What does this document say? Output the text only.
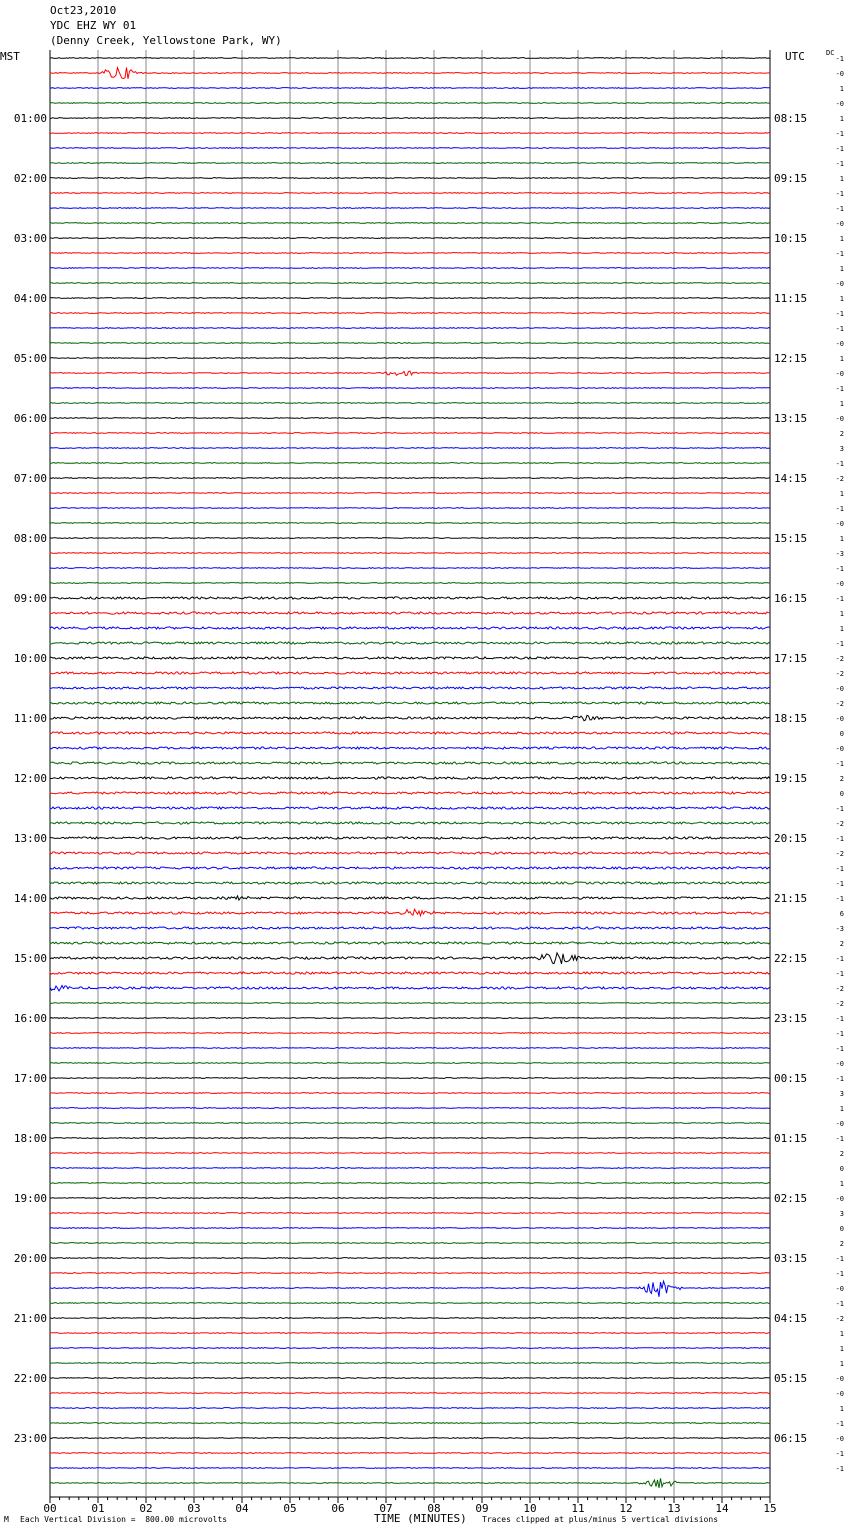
Oct23,2010
YDC EHZ WY 01
(Denny Creek, Yellowstone Park, WY)
MST	UTC	DC
00	01	02	03	04	05	06	07	08	09	10	11	12	13	14	15
01:00
02:00
03:00
04:00
05:00
06:00
07:00
08:00
09:00
10:00
11:00
12:00
13:00
14:00
15:00
16:00
17:00
18:00
19:00
20:00
21:00
22:00
23:00
08:15
09:15
10:15
11:15
12:15
13:15
14:15
15:15
16:15
17:15
18:15
19:15
20:15
21:15
22:15
23:15
00:15
01:15
02:15
03:15
04:15
05:15
06:15
-1
-0
1
-0
1
-1
-1
-1
1
-1
-1
-0
1
-1
1
-0
1
-1
-1
-0
1
-0
-1
1
-0
2
3
-1
-2
1
-1
-0
1
-3
-1
-0
-1
1
1
-1
-2
-2
-0
-2
-0
0
-0
-1
2
0
-1
-2
-1
-2
-1
-1
-1
6
-3
2
-1
-1
-2
-2
-1
-1
-1
-0
-1
3
1
-0
-1
2
0
1
-0
3
0
2
-1
-1
-0
-1
-2
1
1
1
-0
-0
1
-1
-0
-1
-1
M Each Vertical Division =  800.00 microvolts	TIME (MINUTES) Traces clipped at plus/minus 5 vertical divisions
